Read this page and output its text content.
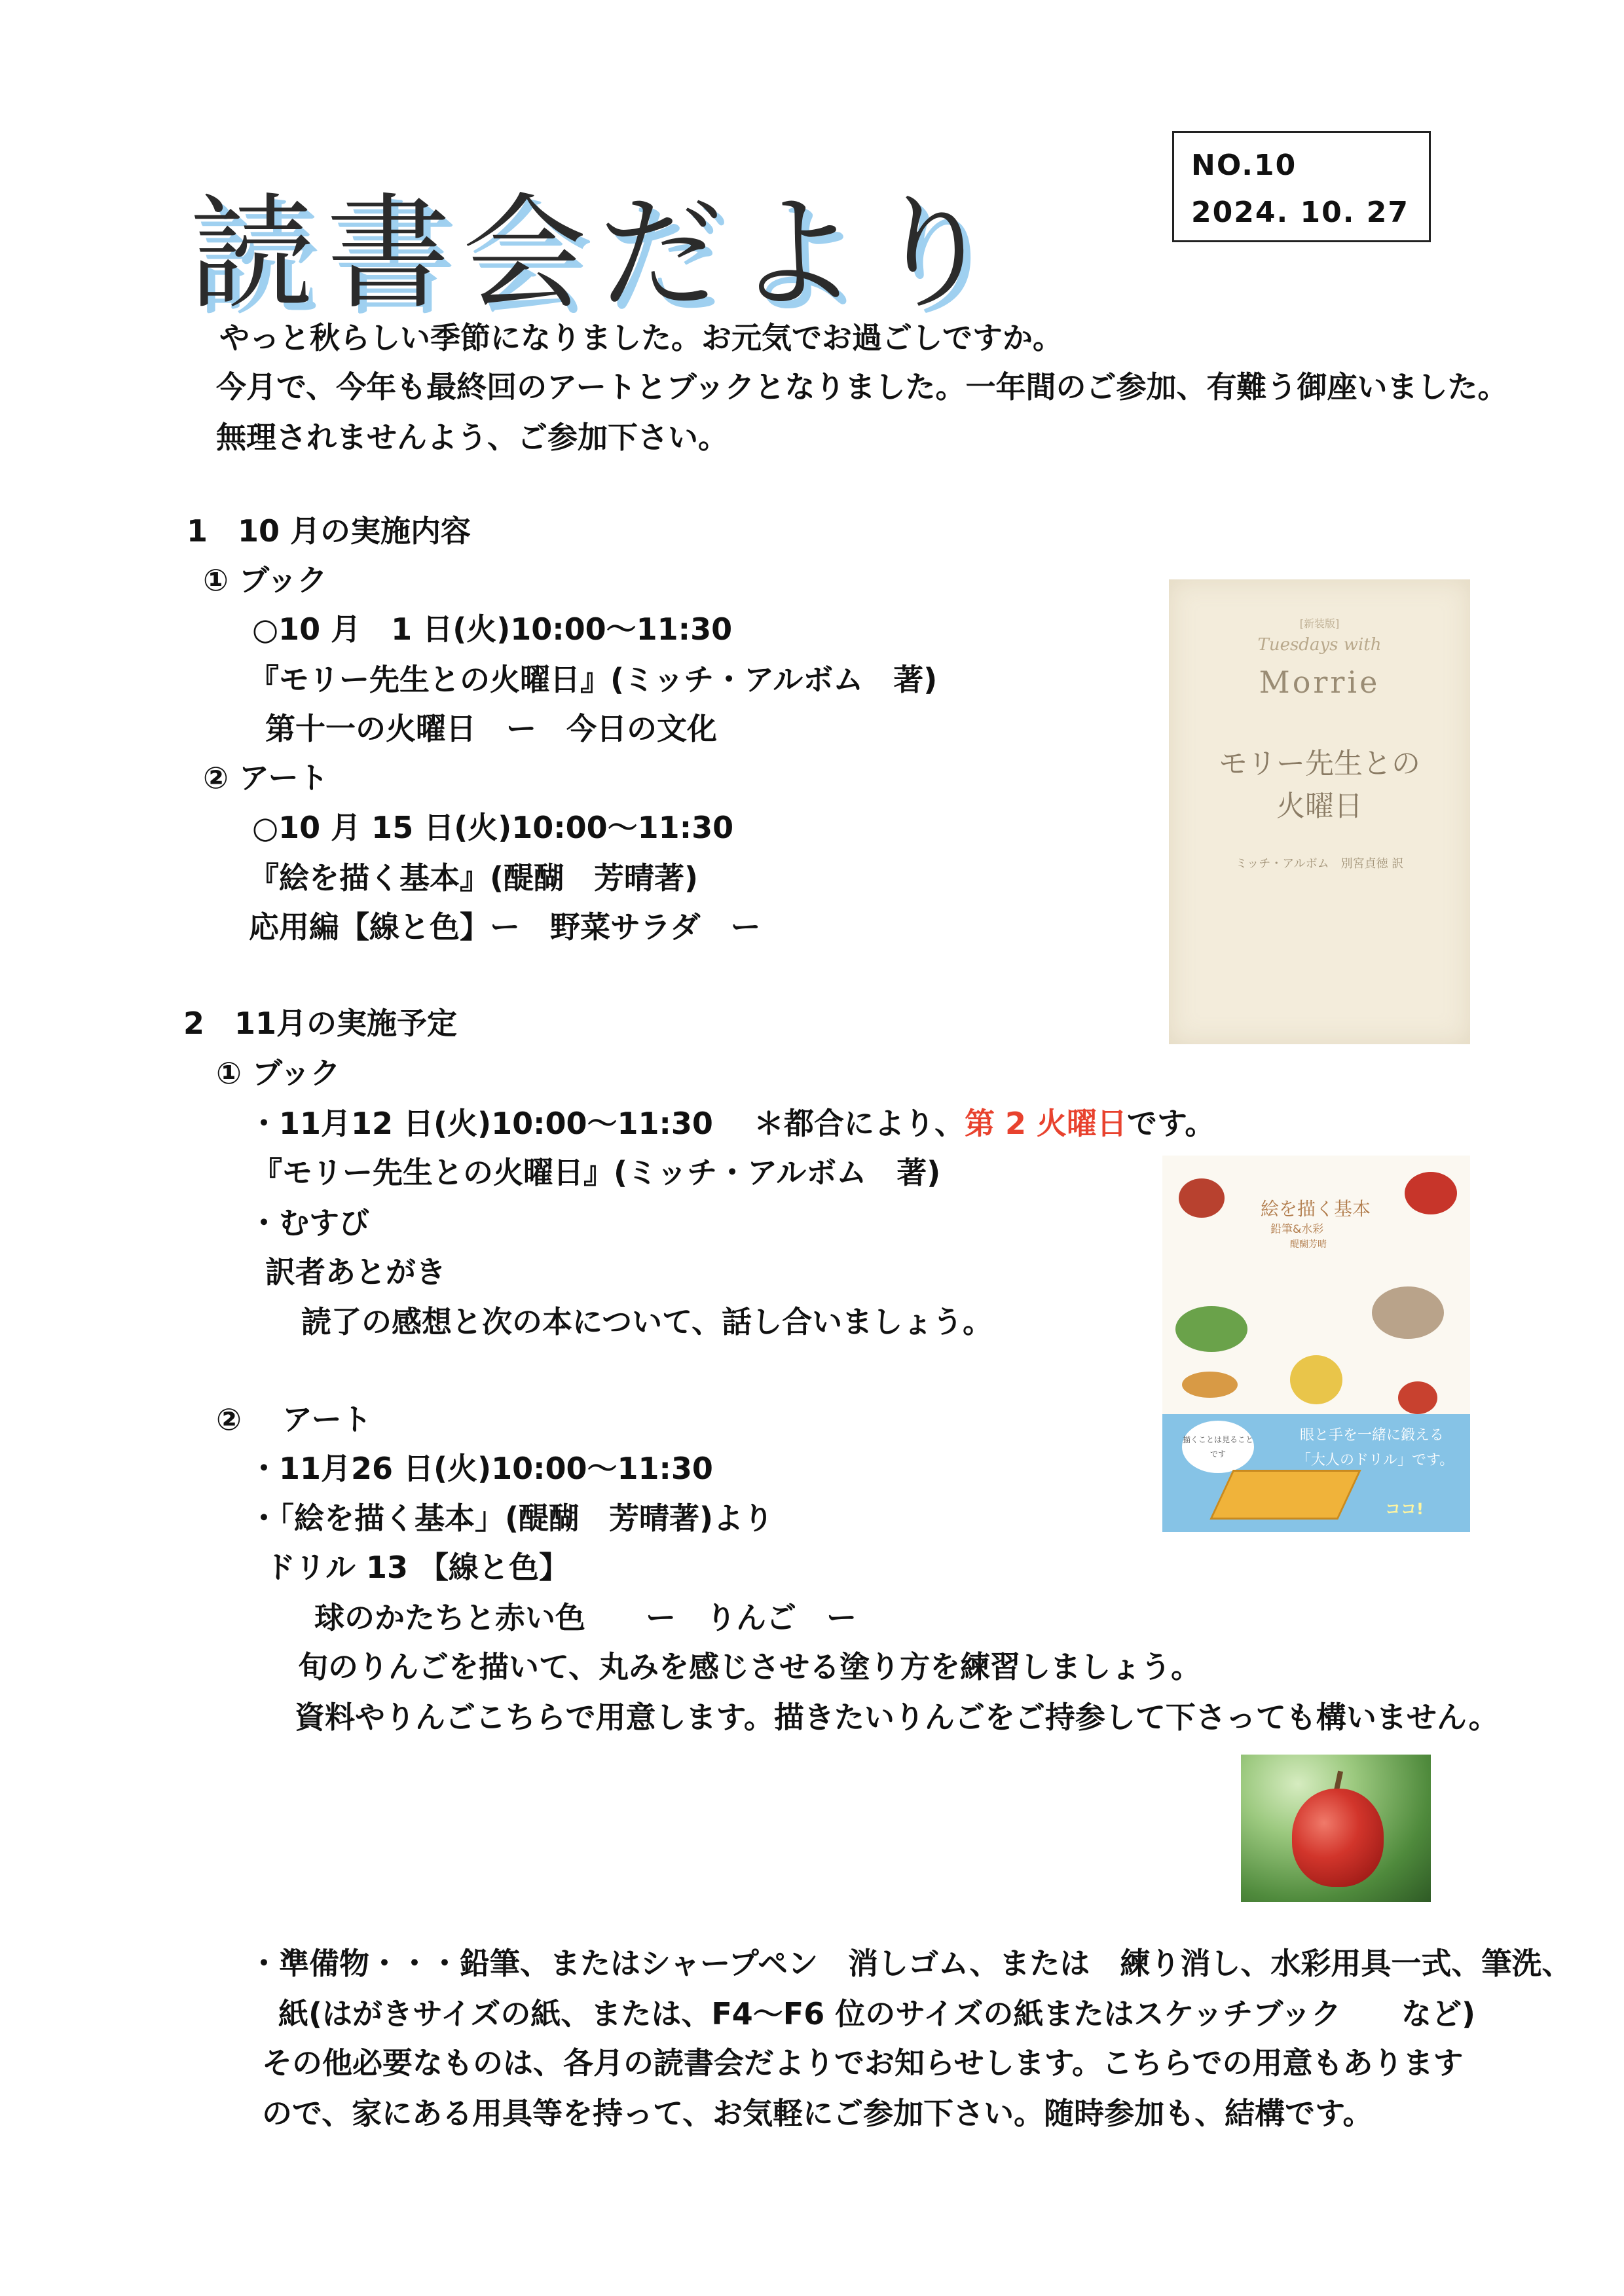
読書会だより
NO.10
2024. 10. 27
やっと秋らしい季節になりました。お元気でお過ごしですか。
今月で、今年も最終回のアートとブックとなりました。一年間のご参加、有難う御座いました。
無理されませんよう、ご参加下さい。
1　10 月の実施内容
① ブック
○10 月　1 日(火)10:00～11:30
『モリー先生との火曜日』(ミッチ・アルボム　著)
第十一の火曜日　ー　今日の文化
② アート
○10 月 15 日(火)10:00～11:30
『絵を描く基本』(醍醐　芳晴著)
応用編【線と色】ー　野菜サラダ　ー
[新装版]
Tuesdays with
Morrie
モリー先生との
火曜日
ミッチ・アルボム　別宮貞徳 訳
2　11月の実施予定
① ブック
・11月12 日(火)10:00～11:30　 ＊都合により、第 2 火曜日です。
『モリー先生との火曜日』(ミッチ・アルボム　著)
・むすび
訳者あとがき
読了の感想と次の本について、話し合いましょう。
②　 アート
・11月26 日(火)10:00～11:30
・「絵を描く基本」(醍醐　芳晴著)より
ドリル 13 【線と色】
球のかたちと赤い色　　ー　りんご　ー
旬のりんごを描いて、丸みを感じさせる塗り方を練習しましょう。
資料やりんごこちらで用意します。描きたいりんごをご持参して下さっても構いません。
絵を描く基本
鉛筆&水彩
醍醐芳晴
描くことは見ることです
眼と手を一緒に鍛える
「大人のドリル」です。
ココ!
・準備物・・・鉛筆、またはシャープペン　消しゴム、または　練り消し、水彩用具一式、筆洗、
紙(はがきサイズの紙、または、F4～F6 位のサイズの紙またはスケッチブック　　など)
その他必要なものは、各月の読書会だよりでお知らせします。こちらでの用意もあります
ので、家にある用具等を持って、お気軽にご参加下さい。随時参加も、結構です。
